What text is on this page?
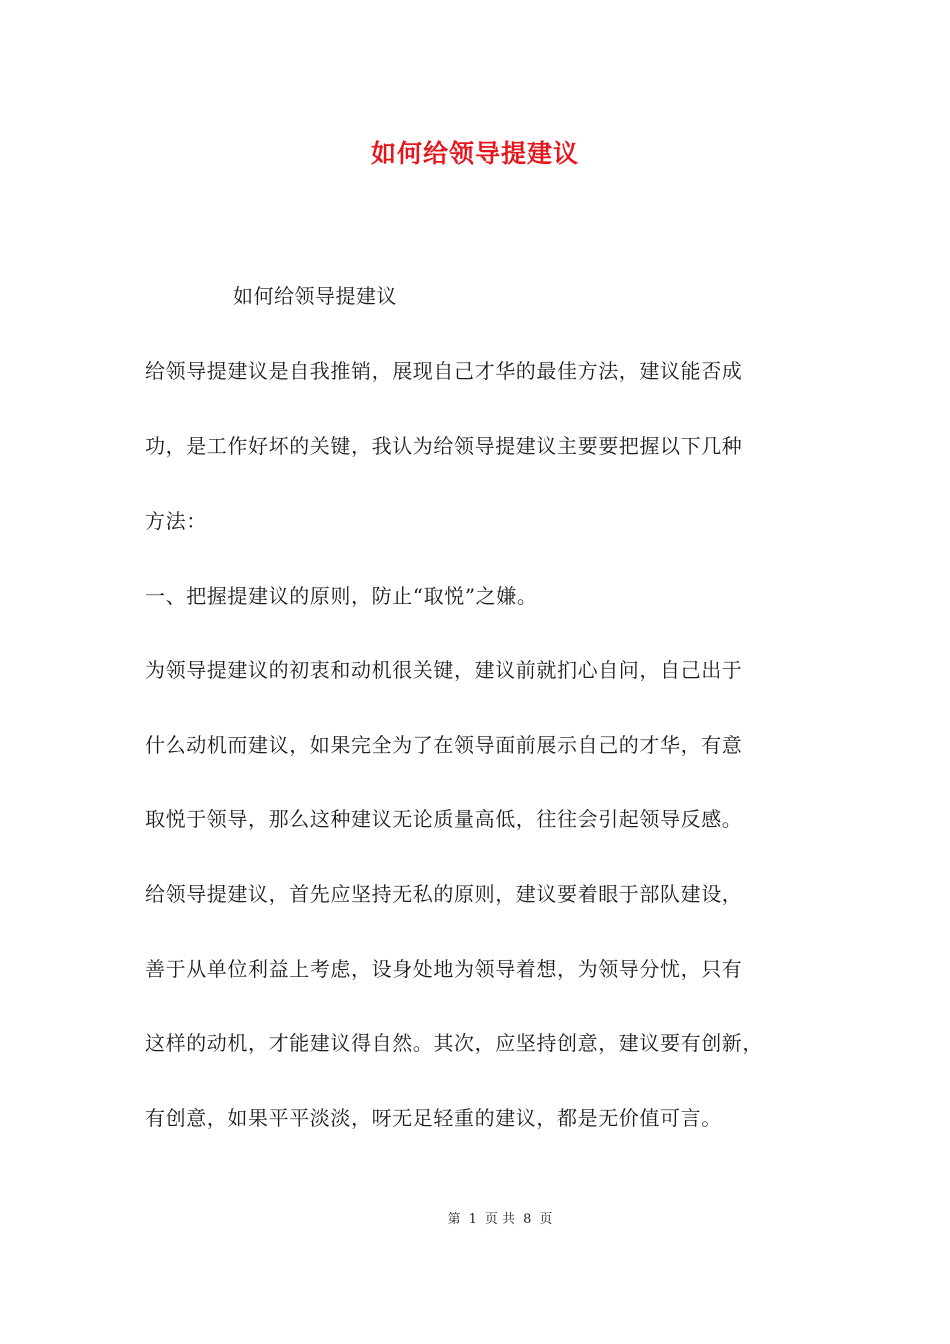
如何给领导提建议
如何给领导提建议
给领导提建议是自我推销，展现自己才华的最佳方法，建议能否成
功，是工作好坏的关键，我认为给领导提建议主要要把握以下几种
方法：
一、把握提建议的原则，防止“取悦”之嫌。
为领导提建议的初衷和动机很关键，建议前就扪心自问，自己出于
什么动机而建议，如果完全为了在领导面前展示自己的才华，有意
取悦于领导，那么这种建议无论质量高低，往往会引起领导反感。
给领导提建议，首先应坚持无私的原则，建议要着眼于部队建设，
善于从单位利益上考虑，设身处地为领导着想，为领导分忧，只有
这样的动机，才能建议得自然。其次，应坚持创意，建议要有创新，
有创意，如果平平淡淡，呀无足轻重的建议，都是无价值可言。
第 1 页 共 8 页
